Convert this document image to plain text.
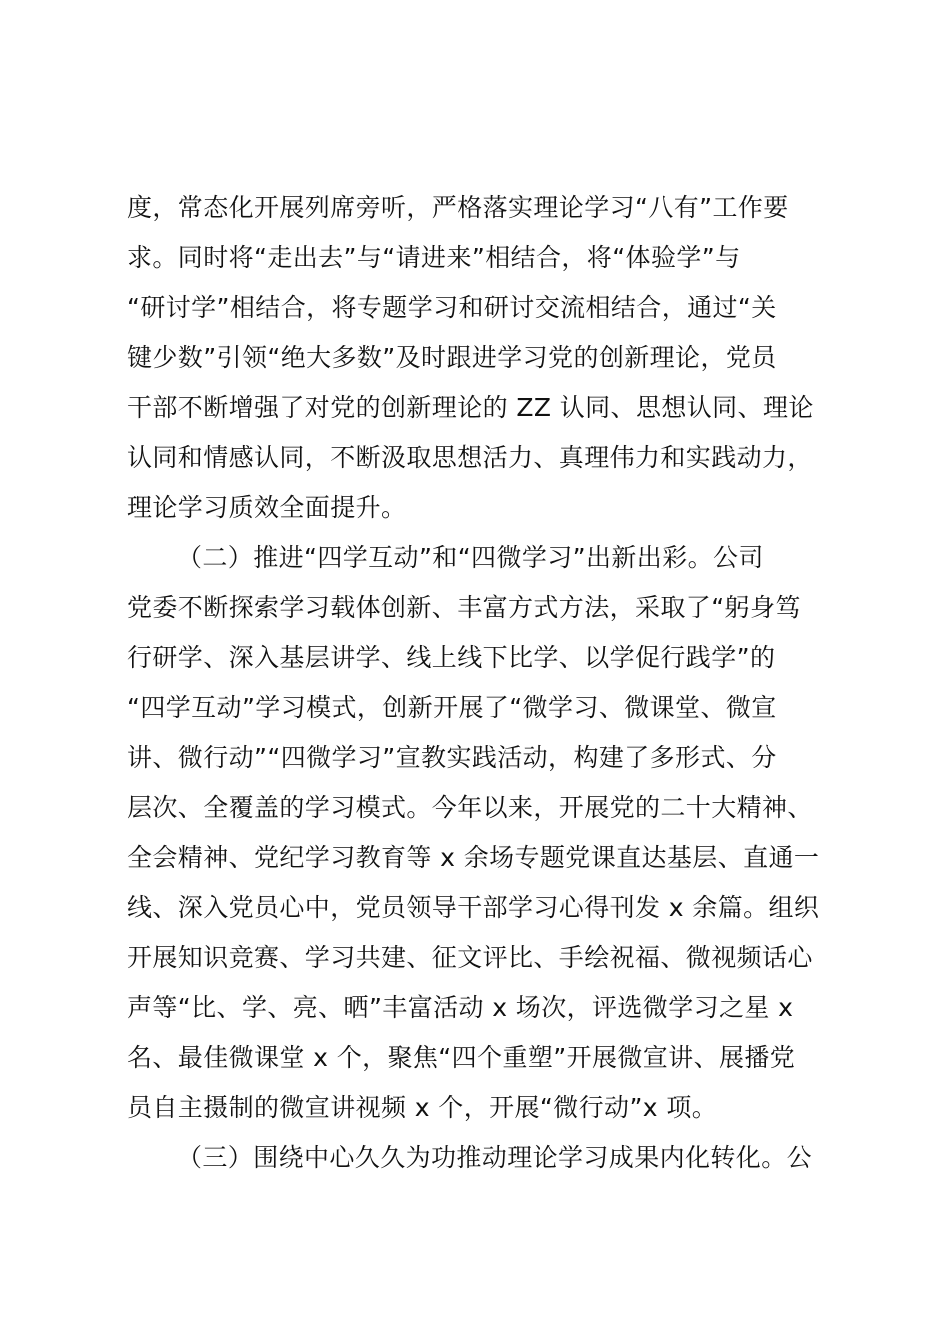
度，常态化开展列席旁听，严格落实理论学习“八有”工作要
求。同时将“走出去”与“请进来”相结合，将“体验学”与
“研讨学”相结合，将专题学习和研讨交流相结合，通过“关
键少数”引领“绝大多数”及时跟进学习党的创新理论，党员
干部不断增强了对党的创新理论的 ZZ 认同、思想认同、理论
认同和情感认同，不断汲取思想活力、真理伟力和实践动力，
理论学习质效全面提升。
（二）推进“四学互动”和“四微学习”出新出彩。公司
党委不断探索学习载体创新、丰富方式方法，采取了“躬身笃
行研学、深入基层讲学、线上线下比学、以学促行践学”的
“四学互动”学习模式，创新开展了“微学习、微课堂、微宣
讲、微行动”“四微学习”宣教实践活动，构建了多形式、分
层次、全覆盖的学习模式。今年以来，开展党的二十大精神、
全会精神、党纪学习教育等 x 余场专题党课直达基层、直通一
线、深入党员心中，党员领导干部学习心得刊发 x 余篇。组织
开展知识竞赛、学习共建、征文评比、手绘祝福、微视频话心
声等“比、学、亮、晒”丰富活动 x 场次，评选微学习之星 x
名、最佳微课堂 x 个，聚焦“四个重塑”开展微宣讲、展播党
员自主摄制的微宣讲视频 x 个，开展“微行动”x 项。
（三）围绕中心久久为功推动理论学习成果内化转化。公
